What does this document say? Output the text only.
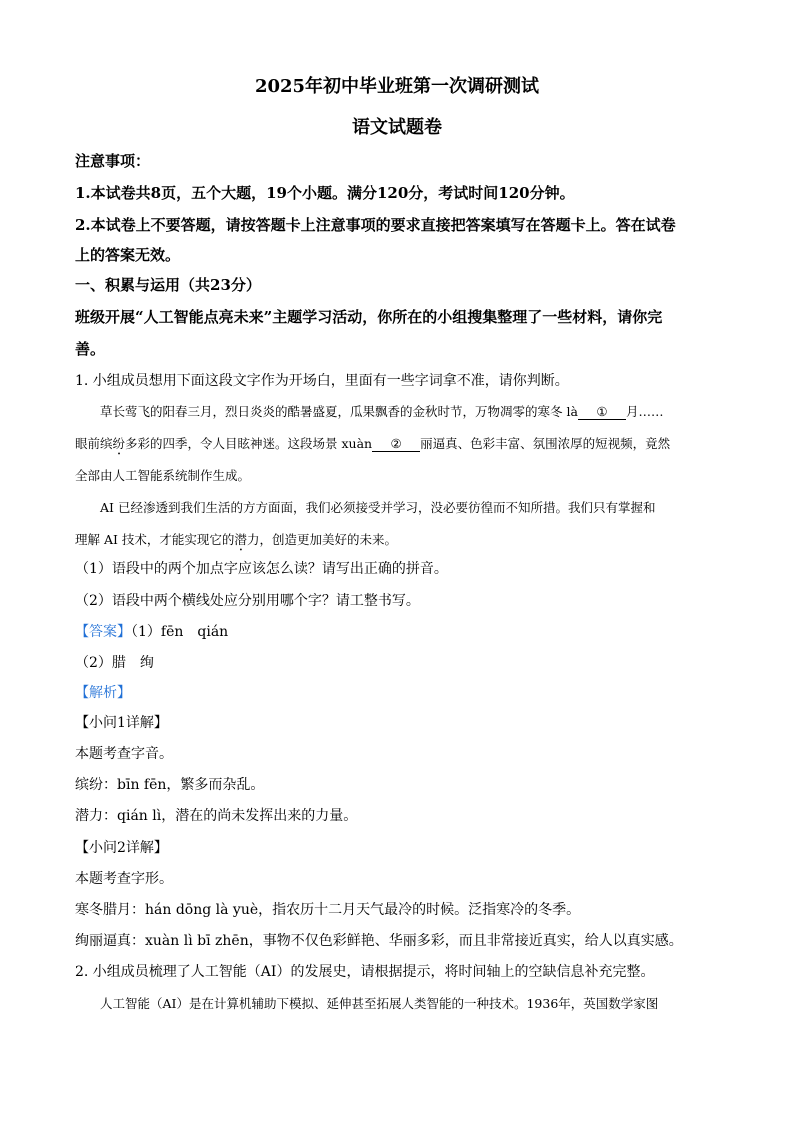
2025年初中毕业班第一次调研测试
语文试题卷
注意事项：
1.本试卷共8页，五个大题，19个小题。满分120分，考试时间120分钟。
2.本试卷上不要答题，请按答题卡上注意事项的要求直接把答案填写在答题卡上。答在试卷
上的答案无效。
一、积累与运用（共23分）
班级开展“人工智能点亮未来”主题学习活动，你所在的小组搜集整理了一些材料，请你完
善。
1. 小组成员想用下面这段文字作为开场白，里面有一些字词拿不准，请你判断。
草长莺飞的阳春三月，烈日炎炎的酷暑盛夏，瓜果飘香的金秋时节，万物凋零的寒冬 là ① 月……
眼前缤纷多彩的四季，令人目眩神迷。这段场景 xuàn ② 丽逼真、色彩丰富、氛围浓厚的短视频，竟然
全部由人工智能系统制作生成。
AI 已经渗透到我们生活的方方面面，我们必须接受并学习，没必要彷徨而不知所措。我们只有掌握和
理解 AI 技术，才能实现它的潜力，创造更加美好的未来。
（1）语段中的两个加点字应该怎么读？请写出正确的拼音。
（2）语段中两个横线处应分别用哪个字？请工整书写。
【答案】（1）fēn　qián
（2）腊　绚
【解析】
【小问1详解】
本题考查字音。
缤纷：bīn fēn，繁多而杂乱。
潜力：qián lì，潜在的尚未发挥出来的力量。
【小问2详解】
本题考查字形。
寒冬腊月：hán dōng là yuè，指农历十二月天气最冷的时候。泛指寒冷的冬季。
绚丽逼真：xuàn lì bī zhēn，事物不仅色彩鲜艳、华丽多彩，而且非常接近真实，给人以真实感。
2. 小组成员梳理了人工智能（AI）的发展史，请根据提示，将时间轴上的空缺信息补充完整。
人工智能（AI）是在计算机辅助下模拟、延伸甚至拓展人类智能的一种技术。1936年，英国数学家图
